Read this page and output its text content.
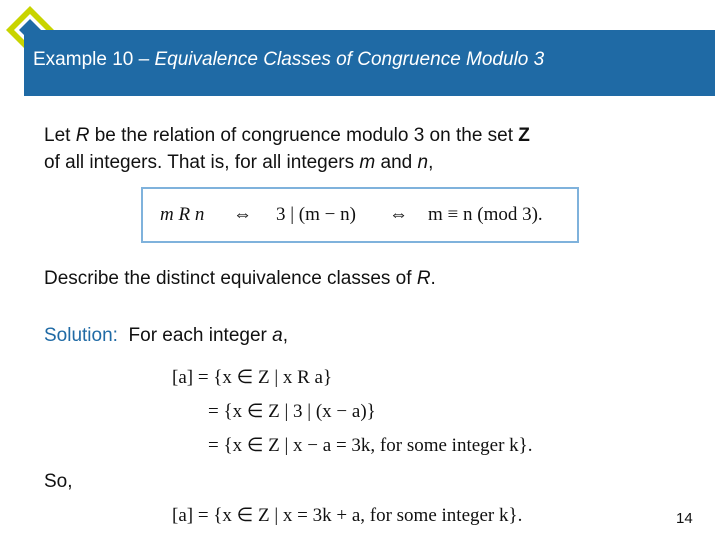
Example 10 – Equivalence Classes of Congruence Modulo 3
Let R be the relation of congruence modulo 3 on the set Z
of all integers. That is, for all integers m and n,
m R n ⇔ 3 | (m − n) ⇔ m ≡ n (mod 3).
Describe the distinct equivalence classes of R.
Solution: For each integer a,
[a] = {x ∈ Z | x R a}
= {x ∈ Z | 3 | (x − a)}
= {x ∈ Z | x − a = 3k, for some integer k}.
So,
[a] = {x ∈ Z | x = 3k + a, for some integer k}.	14
